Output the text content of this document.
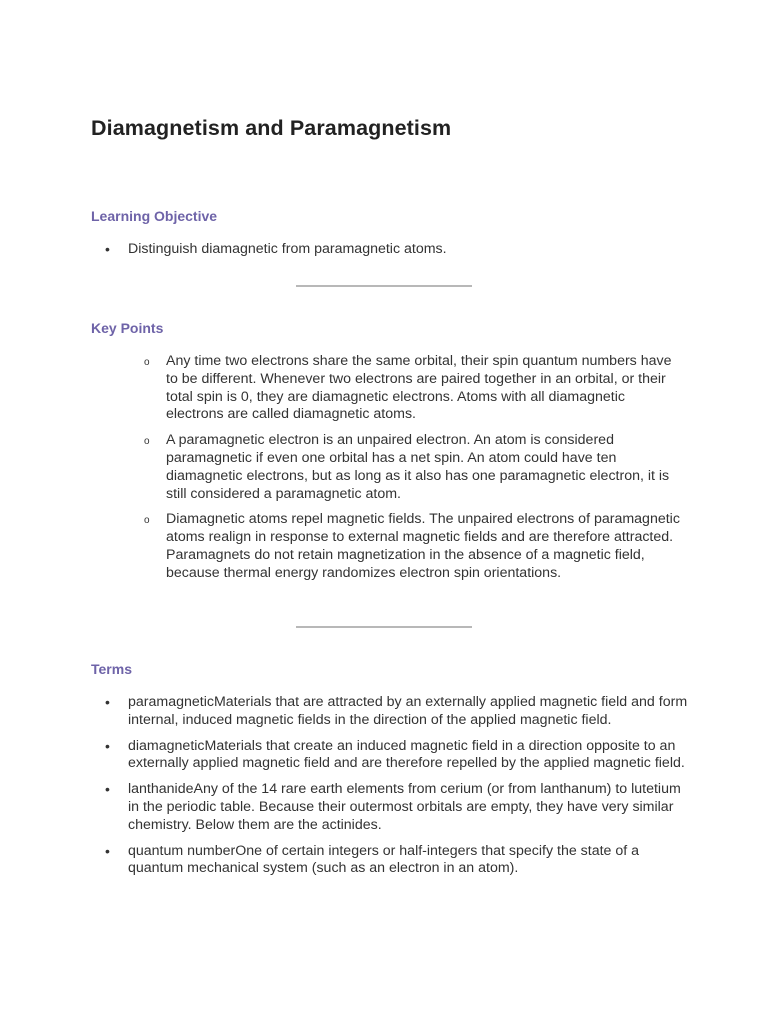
Diamagnetism and Paramagnetism
Learning Objective
• Distinguish diamagnetic from paramagnetic atoms.
Key Points
o Any time two electrons share the same orbital, their spin quantum numbers have to be different. Whenever two electrons are paired together in an orbital, or their total spin is 0, they are diamagnetic electrons. Atoms with all diamagnetic electrons are called diamagnetic atoms.
o A paramagnetic electron is an unpaired electron. An atom is considered paramagnetic if even one orbital has a net spin. An atom could have ten diamagnetic electrons, but as long as it also has one paramagnetic electron, it is still considered a paramagnetic atom.
o Diamagnetic atoms repel magnetic fields. The unpaired electrons of paramagnetic atoms realign in response to external magnetic fields and are therefore attracted. Paramagnets do not retain magnetization in the absence of a magnetic field, because thermal energy randomizes electron spin orientations.
Terms
• paramagneticMaterials that are attracted by an externally applied magnetic field and form internal, induced magnetic fields in the direction of the applied magnetic field.
• diamagneticMaterials that create an induced magnetic field in a direction opposite to an externally applied magnetic field and are therefore repelled by the applied magnetic field.
• lanthanideAny of the 14 rare earth elements from cerium (or from lanthanum) to lutetium in the periodic table. Because their outermost orbitals are empty, they have very similar chemistry. Below them are the actinides.
• quantum numberOne of certain integers or half-integers that specify the state of a quantum mechanical system (such as an electron in an atom).
